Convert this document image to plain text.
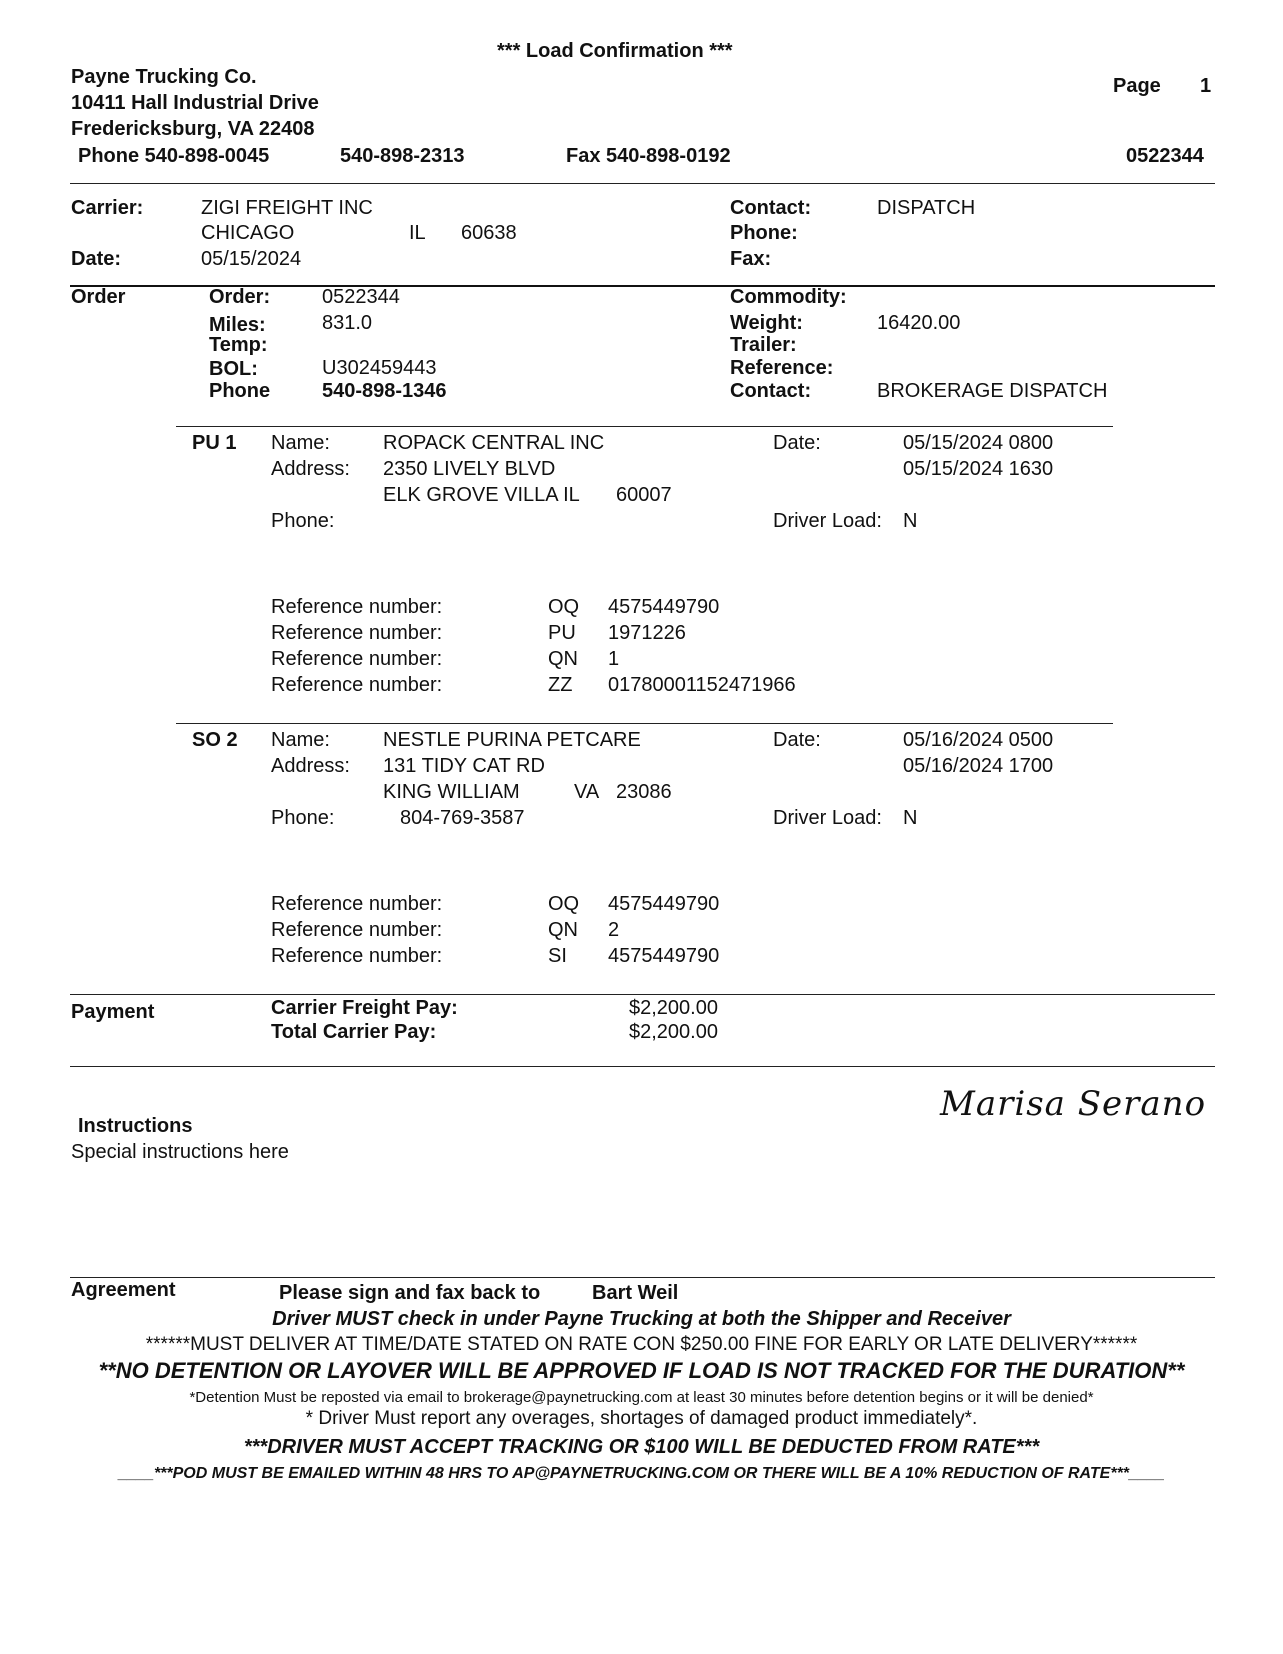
*** Load Confirmation ***
Payne Trucking Co.
10411 Hall Industrial Drive
Fredericksburg, VA 22408
Phone 540-898-0045	540-898-2313	Fax 540-898-0192
Page 1
0522344
Carrier:	ZIGI FREIGHT INC
CHICAGO	IL 60638
Date:	05/15/2024
Contact:	DISPATCH
Phone:
Fax:
Order	Order:	0522344
Miles:	831.0
Temp:
BOL:	U302459443
Phone	540-898-1346
Commodity:
Weight:	16420.00
Trailer:
Reference:
Contact:	BROKERAGE DISPATCH
PU 1 Name:	ROPACK CENTRAL INC
Address: 2350 LIVELY BLVD
ELK GROVE VILLA IL 60007
Phone:
Date:	05/15/2024 0800
05/15/2024 1630
Driver Load: N
Reference number:	OQ 4575449790
Reference number:	PU 1971226
Reference number:	QN 1
Reference number:	ZZ 01780001152471966
SO 2 Name:	NESTLE PURINA PETCARE
Address: 131 TIDY CAT RD
KING WILLIAM	VA 23086
Phone:	804-769-3587
Date:	05/16/2024 0500
05/16/2024 1700
Driver Load: N
Reference number:	OQ 4575449790
Reference number:	QN 2
Reference number:	SI 4575449790
Payment	Carrier Freight Pay:	$2,200.00
Total Carrier Pay:	$2,200.00
Marisa Serano
Instructions
Special instructions here
Agreement	Please sign and fax back to	Bart Weil
Driver MUST check in under Payne Trucking at both the Shipper and Receiver
******MUST DELIVER AT TIME/DATE STATED ON RATE CON $250.00 FINE FOR EARLY OR LATE DELIVERY******
**NO DETENTION OR LAYOVER WILL BE APPROVED IF LOAD IS NOT TRACKED FOR THE DURATION**
*Detention Must be reposted via email to brokerage@paynetrucking.com at least 30 minutes before detention begins or it will be denied*
* Driver Must report any overages, shortages of damaged product immediately*.
***DRIVER MUST ACCEPT TRACKING OR $100 WILL BE DEDUCTED FROM RATE***
____***POD MUST BE EMAILED WITHIN 48 HRS TO AP@PAYNETRUCKING.COM OR THERE WILL BE A 10% REDUCTION OF RATE***____
